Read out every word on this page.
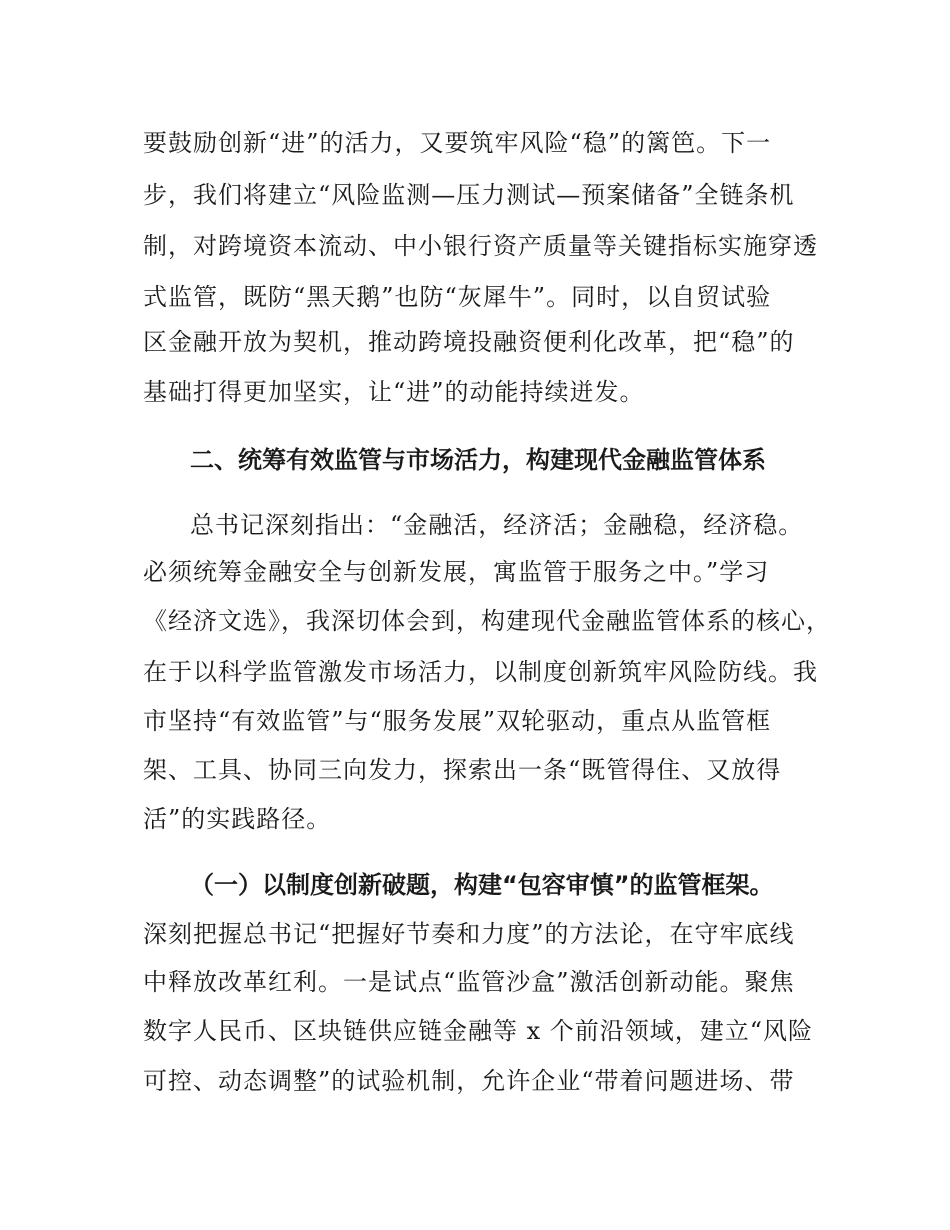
要鼓励创新“进”的活力，又要筑牢风险“稳”的篱笆。下一

步，我们将建立“风险监测—压力测试—预案储备”全链条机

制，对跨境资本流动、中小银行资产质量等关键指标实施穿透

式监管，既防“黑天鹅”也防“灰犀牛”。同时，以自贸试验

区金融开放为契机，推动跨境投融资便利化改革，把“稳”的

基础打得更加坚实，让“进”的动能持续迸发。

二、统筹有效监管与市场活力，构建现代金融监管体系

总书记深刻指出：“金融活，经济活；金融稳，经济稳。

必须统筹金融安全与创新发展，寓监管于服务之中。”学习

《经济文选》，我深切体会到，构建现代金融监管体系的核心，

在于以科学监管激发市场活力，以制度创新筑牢风险防线。我

市坚持“有效监管”与“服务发展”双轮驱动，重点从监管框

架、工具、协同三向发力，探索出一条“既管得住、又放得

活”的实践路径。

（一）以制度创新破题，构建“包容审慎”的监管框架。

深刻把握总书记“把握好节奏和力度”的方法论，在守牢底线

中释放改革红利。一是试点“监管沙盒”激活创新动能。聚焦

数字人民币、区块链供应链金融等 x 个前沿领域，建立“风险

可控、动态调整”的试验机制，允许企业“带着问题进场、带
